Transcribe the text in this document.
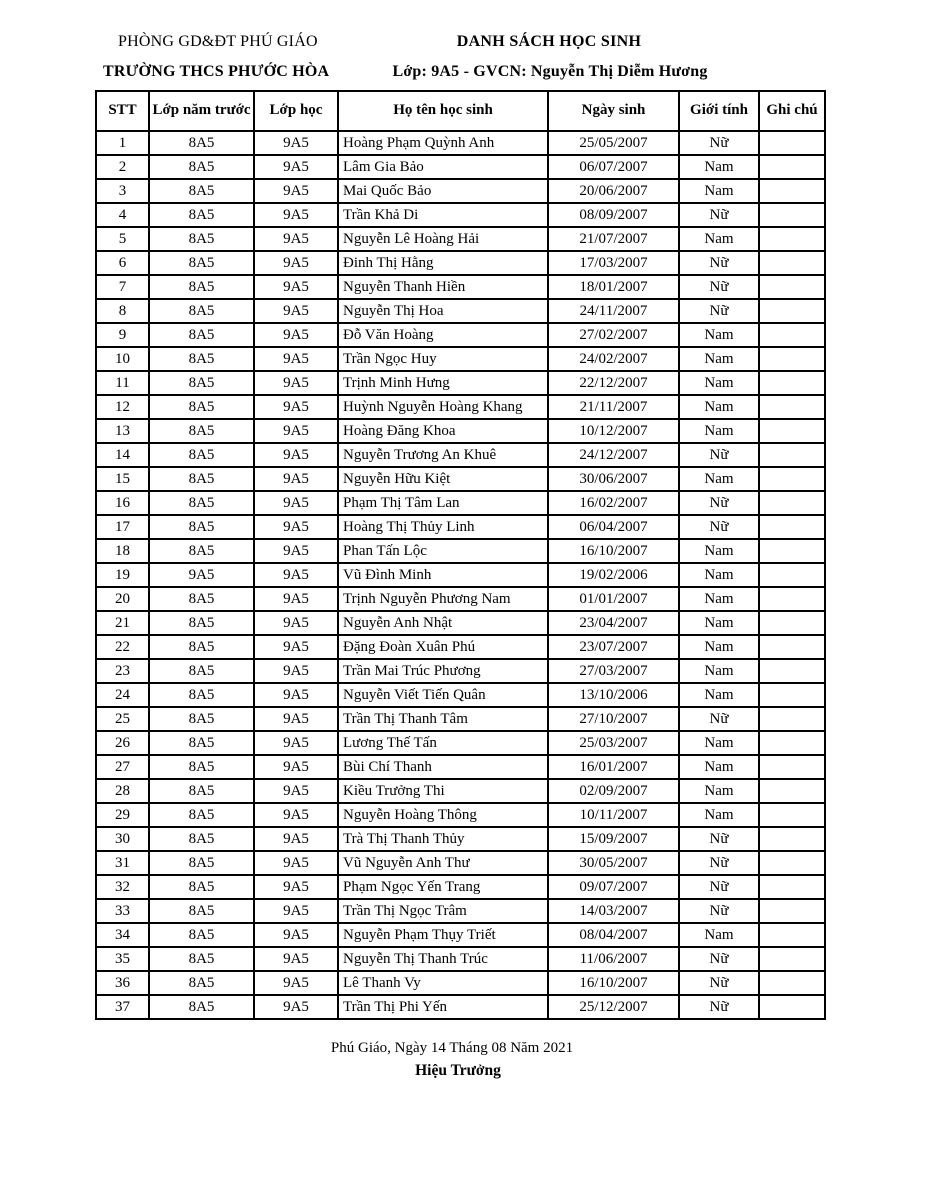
PHÒNG GD&ĐT PHÚ GIÁO	DANH SÁCH HỌC SINH
TRƯỜNG THCS PHƯỚC HÒA	Lớp: 9A5 - GVCN: Nguyễn Thị Diễm Hương
STT	Lớp năm trước	Lớp học	Họ tên học sinh	Ngày sinh	Giới tính	Ghi chú
1	8A5	9A5	Hoàng Phạm Quỳnh Anh	25/05/2007	Nữ	
2	8A5	9A5	Lâm Gia Bảo	06/07/2007	Nam	
3	8A5	9A5	Mai Quốc Bảo	20/06/2007	Nam	
4	8A5	9A5	Trần Khả Di	08/09/2007	Nữ	
5	8A5	9A5	Nguyễn Lê Hoàng Hải	21/07/2007	Nam	
6	8A5	9A5	Đinh Thị Hằng	17/03/2007	Nữ	
7	8A5	9A5	Nguyễn Thanh Hiền	18/01/2007	Nữ	
8	8A5	9A5	Nguyễn Thị Hoa	24/11/2007	Nữ	
9	8A5	9A5	Đỗ Văn Hoàng	27/02/2007	Nam	
10	8A5	9A5	Trần Ngọc Huy	24/02/2007	Nam	
11	8A5	9A5	Trịnh Minh Hưng	22/12/2007	Nam	
12	8A5	9A5	Huỳnh Nguyễn Hoàng Khang	21/11/2007	Nam	
13	8A5	9A5	Hoàng Đăng Khoa	10/12/2007	Nam	
14	8A5	9A5	Nguyễn Trương An Khuê	24/12/2007	Nữ	
15	8A5	9A5	Nguyễn Hữu Kiệt	30/06/2007	Nam	
16	8A5	9A5	Phạm Thị Tâm Lan	16/02/2007	Nữ	
17	8A5	9A5	Hoàng Thị Thủy Linh	06/04/2007	Nữ	
18	8A5	9A5	Phan Tấn Lộc	16/10/2007	Nam	
19	9A5	9A5	Vũ Đình Minh	19/02/2006	Nam	
20	8A5	9A5	Trịnh Nguyễn Phương Nam	01/01/2007	Nam	
21	8A5	9A5	Nguyễn Anh Nhật	23/04/2007	Nam	
22	8A5	9A5	Đặng Đoàn Xuân Phú	23/07/2007	Nam	
23	8A5	9A5	Trần Mai Trúc Phương	27/03/2007	Nam	
24	8A5	9A5	Nguyễn Viết Tiến Quân	13/10/2006	Nam	
25	8A5	9A5	Trần Thị Thanh Tâm	27/10/2007	Nữ	
26	8A5	9A5	Lương Thế Tấn	25/03/2007	Nam	
27	8A5	9A5	Bùi Chí Thanh	16/01/2007	Nam	
28	8A5	9A5	Kiều Trưởng Thi	02/09/2007	Nam	
29	8A5	9A5	Nguyễn Hoàng Thông	10/11/2007	Nam	
30	8A5	9A5	Trà Thị Thanh Thủy	15/09/2007	Nữ	
31	8A5	9A5	Vũ Nguyễn Anh Thư	30/05/2007	Nữ	
32	8A5	9A5	Phạm Ngọc Yến Trang	09/07/2007	Nữ	
33	8A5	9A5	Trần Thị Ngọc Trâm	14/03/2007	Nữ	
34	8A5	9A5	Nguyễn Phạm Thụy Triết	08/04/2007	Nam	
35	8A5	9A5	Nguyễn Thị Thanh Trúc	11/06/2007	Nữ	
36	8A5	9A5	Lê Thanh Vy	16/10/2007	Nữ	
37	8A5	9A5	Trần Thị Phi Yến	25/12/2007	Nữ	
Phú Giáo, Ngày 14 Tháng 08 Năm 2021
Hiệu Trưởng
